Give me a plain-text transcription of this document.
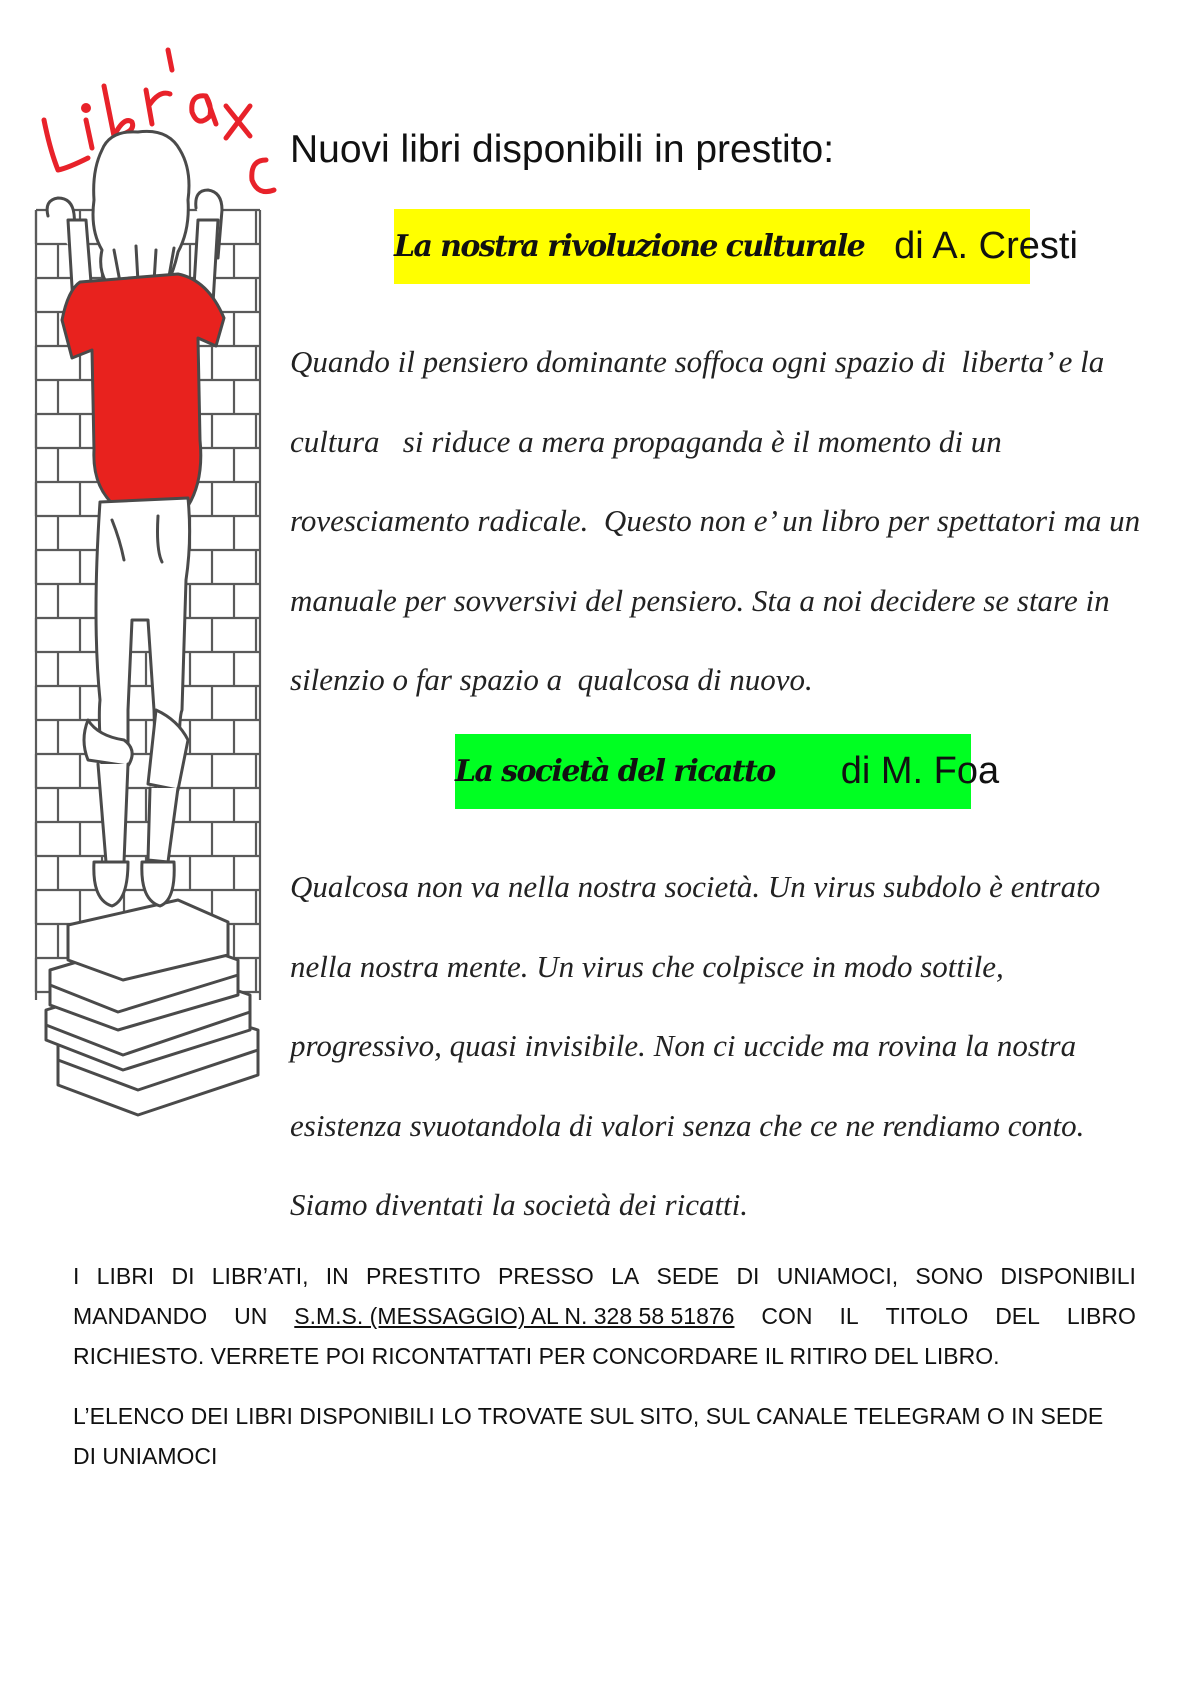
Nuovi libri disponibili in prestito:
La nostra rivoluzione culturale di A. Cresti
Quando il pensiero dominante soffoca ogni spazio di  liberta’ e la
cultura   si riduce a mera propaganda è il momento di un
rovesciamento radicale.  Questo non e’ un libro per spettatori ma un
manuale per sovversivi del pensiero. Sta a noi decidere se stare in
silenzio o far spazio a  qualcosa di nuovo.
La società del ricatto di M. Foa
Qualcosa non va nella nostra società. Un virus subdolo è entrato
nella nostra mente. Un virus che colpisce in modo sottile,
progressivo, quasi invisibile. Non ci uccide ma rovina la nostra
esistenza svuotandola di valori senza che ce ne rendiamo conto.
Siamo diventati la società dei ricatti.
I LIBRI DI LIBR’ATI, IN PRESTITO PRESSO LA SEDE DI UNIAMOCI, SONO DISPONIBILI
MANDANDO UN S.M.S. (MESSAGGIO) AL N. 328 58 51876 CON IL TITOLO DEL LIBRO
RICHIESTO. VERRETE POI RICONTATTATI PER CONCORDARE IL RITIRO DEL LIBRO.
L’ELENCO DEI LIBRI DISPONIBILI LO TROVATE SUL SITO, SUL CANALE TELEGRAM O IN SEDE
DI UNIAMOCI
